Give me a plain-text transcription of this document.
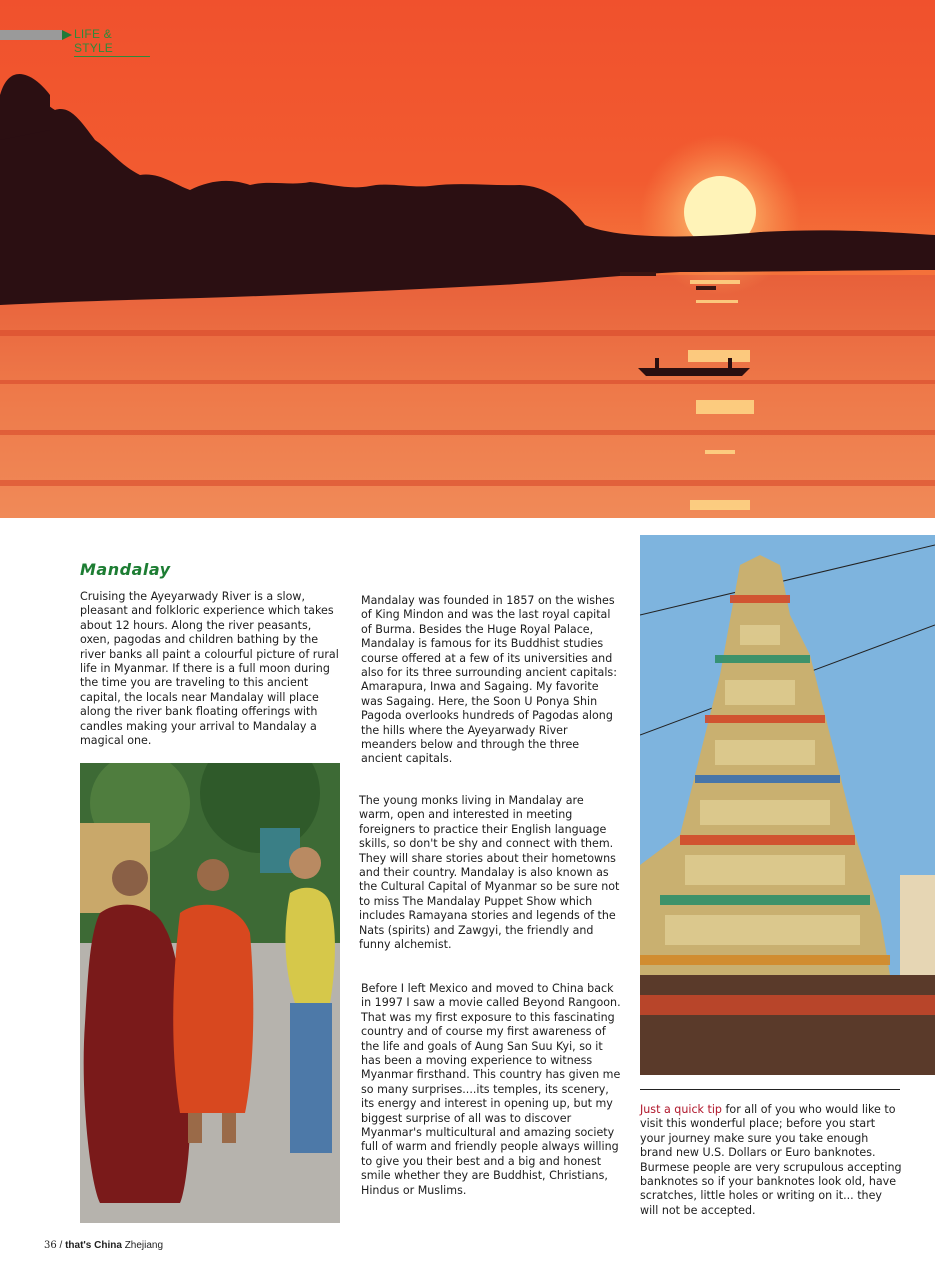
LIFE & STYLE
Mandalay

Cruising the Ayeyarwady River is a slow, pleasant and folkloric experience which takes about 12 hours. Along the river peasants, oxen, pagodas and children bathing by the river banks all paint a colourful picture of rural life in Myanmar. If there is a full moon during the time you are traveling to this ancient capital, the locals near Mandalay will place along the river bank floating offerings with candles making your arrival to Mandalay a magical one.

Mandalay was founded in 1857 on the wishes of King Mindon and was the last royal capital of Burma. Besides the Huge Royal Palace, Mandalay is famous for its Buddhist studies course offered at a few of its universities and also for its three surrounding ancient capitals: Amarapura, Inwa and Sagaing. My favorite was Sagaing. Here, the Soon U Ponya Shin Pagoda overlooks hundreds of Pagodas along the hills where the Ayeyarwady River meanders below and through the three ancient capitals.

The young monks living in Mandalay are warm, open and interested in meeting foreigners to practice their English language skills, so don't be shy and connect with them. They will share stories about their hometowns and their country. Mandalay is also known as the Cultural Capital of Myanmar so be sure not to miss The Mandalay Puppet Show which includes Ramayana stories and legends of the Nats (spirits) and Zawgyi, the friendly and funny alchemist.

Before I left Mexico and moved to China back in 1997 I saw a movie called Beyond Rangoon. That was my first exposure to this fascinating country and of course my first awareness of the life and goals of Aung San Suu Kyi, so it has been a moving experience to witness Myanmar firsthand. This country has given me so many surprises....its temples, its scenery, its energy and interest in opening up, but my biggest surprise of all was to discover Myanmar's multicultural and amazing society full of warm and friendly people always willing to give you their best and a big and honest smile whether they are Buddhist, Christians, Hindus or Muslims.

Just a quick tip for all of you who would like to visit this wonderful place; before you start your journey make sure you take enough brand new U.S. Dollars or Euro banknotes. Burmese people are very scrupulous accepting banknotes so if your banknotes look old, have scratches, little holes or writing on it... they will not be accepted.

36 / that's China Zhejiang
